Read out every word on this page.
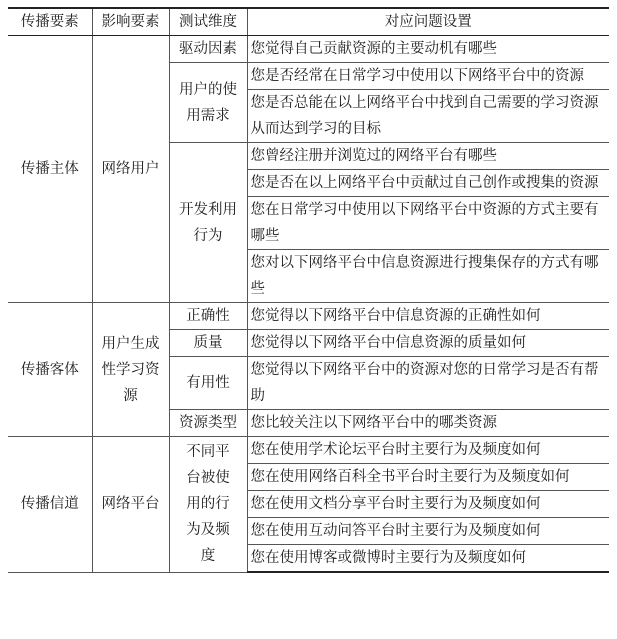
传播要素	影响要素	测试维度	对应问题设置
传播主体	网络用户	驱动因素	您觉得自己贡献资源的主要动机有哪些
		用户的使用需求	您是否经常在日常学习中使用以下网络平台中的资源
			您是否总能在以上网络平台中找到自己需要的学习资源从而达到学习的目标
		开发利用行为	您曾经注册并浏览过的网络平台有哪些
			您是否在以上网络平台中贡献过自己创作或搜集的资源
			您在日常学习中使用以下网络平台中资源的方式主要有哪些
			您对以下网络平台中信息资源进行搜集保存的方式有哪些
传播客体	用户生成性学习资源	正确性	您觉得以下网络平台中信息资源的正确性如何
		质量	您觉得以下网络平台中信息资源的质量如何
		有用性	您觉得以下网络平台中的资源对您的日常学习是否有帮助
		资源类型	您比较关注以下网络平台中的哪类资源
传播信道	网络平台	不同平台被使用的行为及频度	您在使用学术论坛平台时主要行为及频度如何
			您在使用网络百科全书平台时主要行为及频度如何
			您在使用文档分享平台时主要行为及频度如何
			您在使用互动问答平台时主要行为及频度如何
			您在使用博客或微博时主要行为及频度如何
